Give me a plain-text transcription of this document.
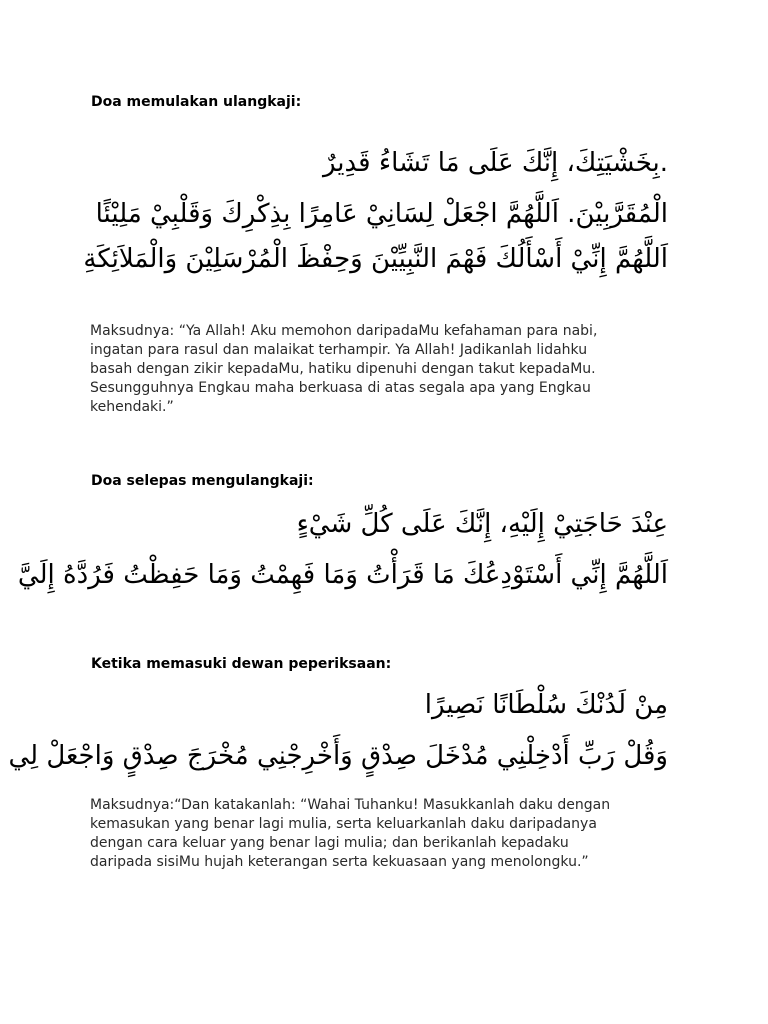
Doa memulakan ulangkaji:
.بِخَشْيَتِكَ، إِنَّكَ عَلَى مَا تَشَاءُ قَدِيرٌ
الْمُقَرَّبِيْنَ. اَللَّهُمَّ اجْعَلْ لِسَانِيْ عَامِرًا بِذِكْرِكَ وَقَلْبِيْ مَلِيْئًا
اَللَّهُمَّ إِنِّيْ أَسْأَلُكَ فَهْمَ النَّبِيِّيْنَ وَحِفْظَ الْمُرْسَلِيْنَ وَالْمَلاَئِكَةِ

Maksudnya: “Ya Allah! Aku memohon daripadaMu kefahaman para nabi,

ingatan para rasul dan malaikat terhampir. Ya Allah! Jadikanlah lidahku

basah dengan zikir kepadaMu, hatiku dipenuhi dengan takut kepadaMu.

Sesungguhnya Engkau maha berkuasa di atas segala apa yang Engkau

kehendaki.”

Doa selepas mengulangkaji:
عِنْدَ حَاجَتِيْ إِلَيْهِ، إِنَّكَ عَلَى كُلِّ شَيْءٍ
اَللَّهُمَّ إِنِّي أَسْتَوْدِعُكَ مَا قَرَأْتُ وَمَا فَهِمْتُ وَمَا حَفِظْتُ فَرُدَّهُ إِلَيَّ
Ketika memasuki dewan peperiksaan:
مِنْ لَدُنْكَ سُلْطَانًا نَصِيرًا
وَقُلْ رَبِّ أَدْخِلْنِي مُدْخَلَ صِدْقٍ وَأَخْرِجْنِي مُخْرَجَ صِدْقٍ وَاجْعَلْ لِي

Maksudnya:“Dan katakanlah: “Wahai Tuhanku! Masukkanlah daku dengan

kemasukan yang benar lagi mulia, serta keluarkanlah daku daripadanya

dengan cara keluar yang benar lagi mulia; dan berikanlah kepadaku

daripada sisiMu hujah keterangan serta kekuasaan yang menolongku.”
